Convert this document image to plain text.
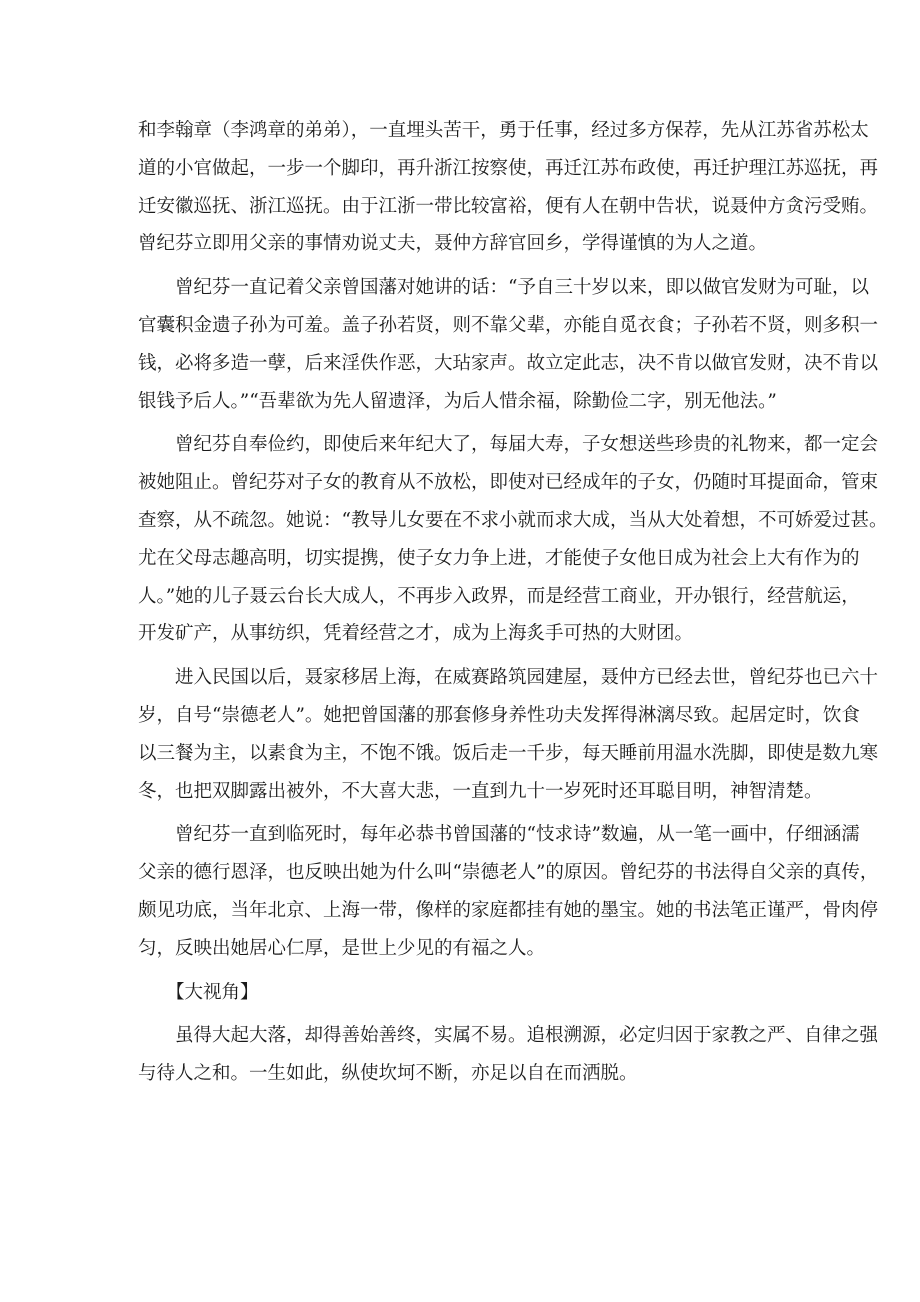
和李翰章（李鸿章的弟弟），一直埋头苦干，勇于任事，经过多方保荐，先从江苏省苏松太
道的小官做起，一步一个脚印，再升浙江按察使，再迁江苏布政使，再迁护理江苏巡抚，再
迁安徽巡抚、浙江巡抚。由于江浙一带比较富裕，便有人在朝中告状，说聂仲方贪污受贿。
曾纪芬立即用父亲的事情劝说丈夫，聂仲方辞官回乡，学得谨慎的为人之道。

曾纪芬一直记着父亲曾国藩对她讲的话：“予自三十岁以来，即以做官发财为可耻，以
官囊积金遗子孙为可羞。盖子孙若贤，则不靠父辈，亦能自觅衣食；子孙若不贤，则多积一
钱，必将多造一孽，后来淫佚作恶，大玷家声。故立定此志，决不肯以做官发财，决不肯以
银钱予后人。”“吾辈欲为先人留遗泽，为后人惜余福，除勤俭二字，别无他法。”

曾纪芬自奉俭约，即使后来年纪大了，每届大寿，子女想送些珍贵的礼物来，都一定会
被她阻止。曾纪芬对子女的教育从不放松，即使对已经成年的子女，仍随时耳提面命，管束
查察，从不疏忽。她说：“教导儿女要在不求小就而求大成，当从大处着想，不可娇爱过甚。
尤在父母志趣高明，切实提携，使子女力争上进，才能使子女他日成为社会上大有作为的
人。”她的儿子聂云台长大成人，不再步入政界，而是经营工商业，开办银行，经营航运，
开发矿产，从事纺织，凭着经营之才，成为上海炙手可热的大财团。

进入民国以后，聂家移居上海，在威赛路筑园建屋，聂仲方已经去世，曾纪芬也已六十
岁，自号“崇德老人”。她把曾国藩的那套修身养性功夫发挥得淋漓尽致。起居定时，饮食
以三餐为主，以素食为主，不饱不饿。饭后走一千步，每天睡前用温水洗脚，即使是数九寒
冬，也把双脚露出被外，不大喜大悲，一直到九十一岁死时还耳聪目明，神智清楚。

曾纪芬一直到临死时，每年必恭书曾国藩的“忮求诗”数遍，从一笔一画中，仔细涵濡
父亲的德行恩泽，也反映出她为什么叫“崇德老人”的原因。曾纪芬的书法得自父亲的真传，
颇见功底，当年北京、上海一带，像样的家庭都挂有她的墨宝。她的书法笔正谨严，骨肉停
匀，反映出她居心仁厚，是世上少见的有福之人。

【大视角】

虽得大起大落，却得善始善终，实属不易。追根溯源，必定归因于家教之严、自律之强
与待人之和。一生如此，纵使坎坷不断，亦足以自在而洒脱。
